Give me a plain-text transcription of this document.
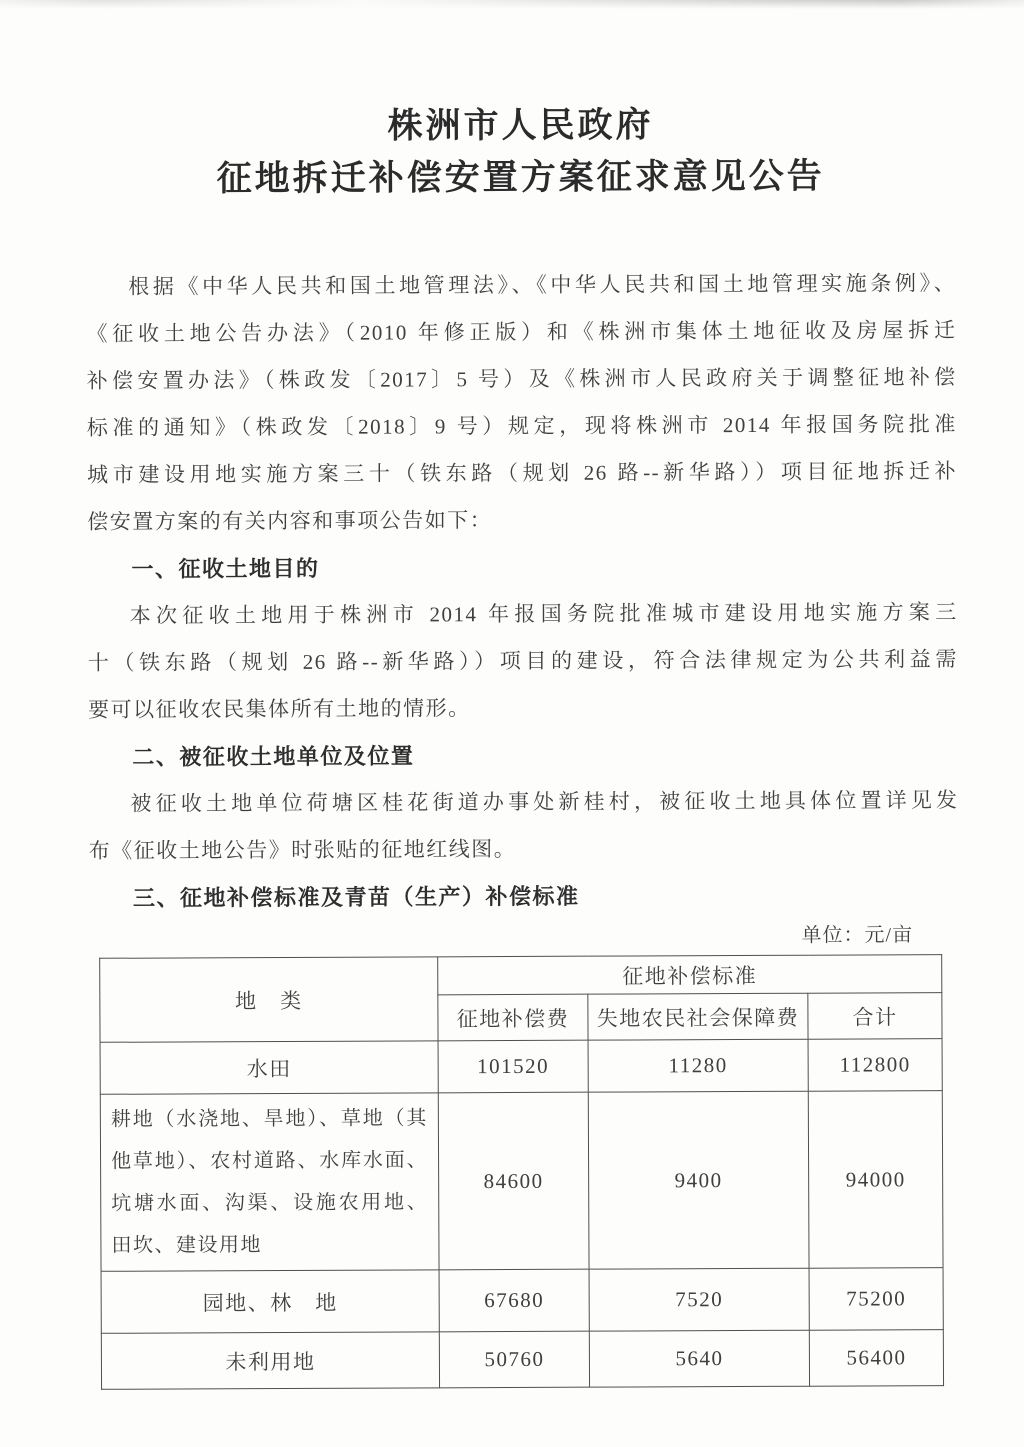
株洲市人民政府
征地拆迁补偿安置方案征求意见公告
根据《中华人民共和国土地管理法》、《中华人民共和国土地管理实施条例》、
《征收土地公告办法》（2010 年修正版）和《株洲市集体土地征收及房屋拆迁
补偿安置办法》（株政发〔2017〕5 号）及《株洲市人民政府关于调整征地补偿
标准的通知》（株政发〔2018〕9 号）规定，现将株洲市 2014 年报国务院批准
城市建设用地实施方案三十（铁东路（规划 26 路--新华路））项目征地拆迁补
偿安置方案的有关内容和事项公告如下：
一、征收土地目的
本次征收土地用于株洲市 2014 年报国务院批准城市建设用地实施方案三
十（铁东路（规划 26 路--新华路））项目的建设，符合法律规定为公共利益需
要可以征收农民集体所有土地的情形。
二、被征收土地单位及位置
被征收土地单位荷塘区桂花街道办事处新桂村，被征收土地具体位置详见发
布《征收土地公告》时张贴的征地红线图。
三、征地补偿标准及青苗（生产）补偿标准
单位：元/亩
地　类	征地补偿标准		
	征地补偿费	失地农民社会保障费	合计
水田	101520	11280	112800
耕地（水浇地、旱地）、草地（其他草地）、农村道路、水库水面、坑塘水面、沟渠、设施农用地、田坎、建设用地	84600	9400	94000
园地、林　地	67680	7520	75200
未利用地	50760	5640	56400
